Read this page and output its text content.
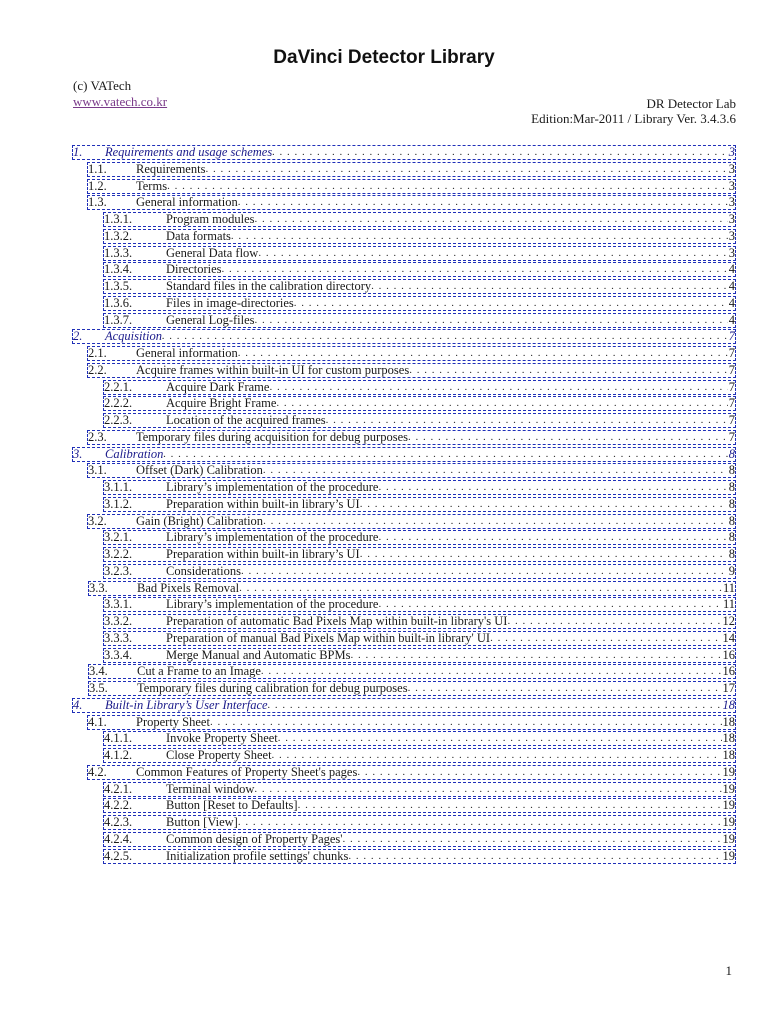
DaVinci Detector Library
(c) VATech
www.vatech.co.kr	DR Detector Lab
Edition:Mar-2011 / Library Ver. 3.4.3.6
1.	Requirements and usage schemes . . .	3
1.1.	Requirements . . .	3
1.2.	Terms . . .	3
1.3.	General information . . .	3
1.3.1.	Program modules . . .	3
1.3.2.	Data formats . . .	3
1.3.3.	General Data flow . . .	3
1.3.4.	Directories . . .	4
1.3.5.	Standard files in the calibration directory . . .	4
1.3.6.	Files in image-directories . . .	4
1.3.7.	General Log-files . . .	4
2.	Acquisition . . .	7
2.1.	General information . . .	7
2.2.	Acquire frames within built-in UI for custom purposes . . .	7
2.2.1.	Acquire Dark Frame . . .	7
2.2.2.	Acquire Bright Frame . . .	7
2.2.3.	Location of the acquired frames . . .	7
2.3.	Temporary files during acquisition for debug purposes . . .	7
3.	Calibration . . .	8
3.1.	Offset (Dark) Calibration . . .	8
3.1.1.	Library’s implementation of the procedure . . .	8
3.1.2.	Preparation within built-in library’s UI . . .	8
3.2.	Gain (Bright) Calibration . . .	8
3.2.1.	Library’s implementation of the procedure . . .	8
3.2.2.	Preparation within built-in library’s UI . . .	8
3.2.3.	Considerations . . .	9
3.3.	Bad Pixels Removal . . .	11
3.3.1.	Library’s implementation of the procedure . . .	11
3.3.2.	Preparation of automatic Bad Pixels Map within built-in library's UI . . .	12
3.3.3.	Preparation of manual Bad Pixels Map within built-in library' UI . . .	14
3.3.4.	Merge Manual and Automatic BPMs . . .	16
3.4.	Cut a Frame to an Image . . .	16
3.5.	Temporary files during calibration for debug purposes . . .	17
4.	Built-in Library’s User Interface . . .	18
4.1.	Property Sheet . . .	18
4.1.1.	Invoke Property Sheet . . .	18
4.1.2.	Close Property Sheet . . .	18
4.2.	Common Features of Property Sheet's pages . . .	19
4.2.1.	Terminal window . . .	19
4.2.2.	Button [Reset to Defaults] . . .	19
4.2.3.	Button [View] . . .	19
4.2.4.	Common design of Property Pages' . . .	19
4.2.5.	Initialization profile settings' chunks . . .	19
1
